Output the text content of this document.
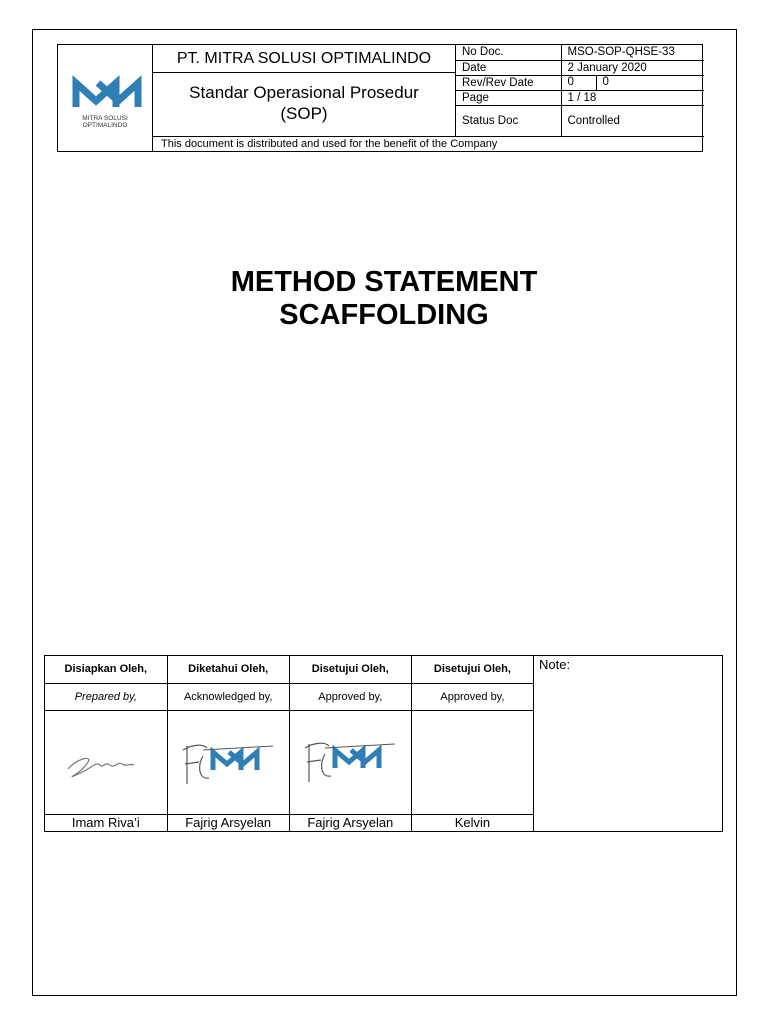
MITRA SOLUSI
OPTIMALINDO
PT. MITRA SOLUSI OPTIMALINDO
Standar Operasional Prosedur
(SOP)
No Doc.	MSO-SOP-QHSE-33
Date	2 January 2020
Rev/Rev Date	0 0

Page	1 / 18
Status Doc	Controlled
This document is distributed and used for the benefit of the Company
METHOD STATEMENT
SCAFFOLDING
Disiapkan Oleh,	Diketahui Oleh,	Disetujui Oleh,	Disetujui Oleh,
Prepared by,	Acknowledged by,	Approved by,	Approved by,

Imam Riva’i	Fajrig Arsyelan	Fajrig Arsyelan	Kelvin
Note:
